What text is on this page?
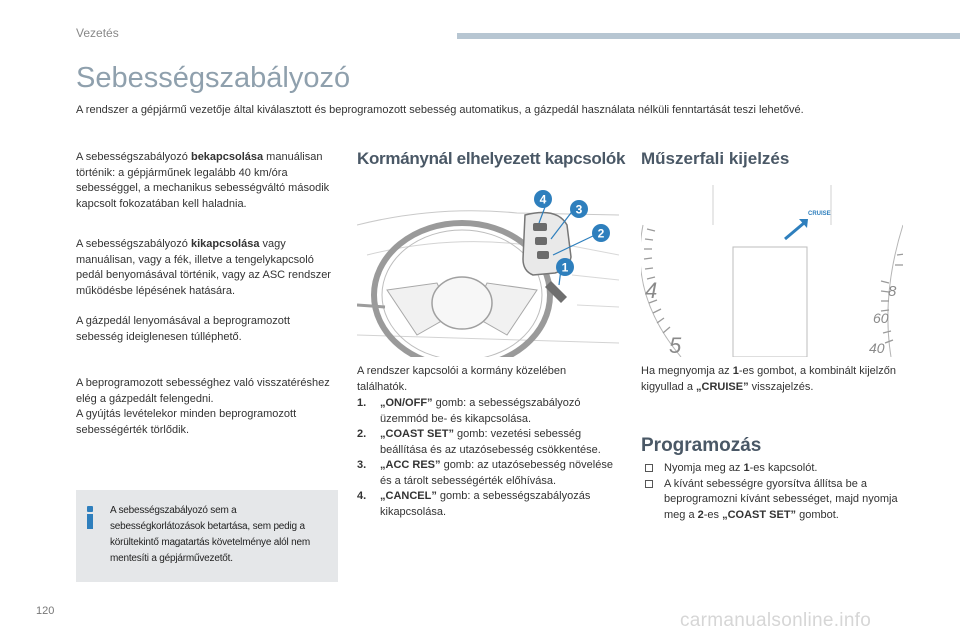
Vezetés
Sebességszabályozó
A rendszer a gépjármű vezetője által kiválasztott és beprogramozott sebesség automatikus, a gázpedál használata nélküli fenntartását teszi lehetővé.

A sebességszabályozó bekapcsolása manuálisan történik: a gépjárműnek legalább 40 km/óra sebességgel, a mechanikus sebességváltó második kapcsolt fokozatában kell haladnia.

A sebességszabályozó kikapcsolása vagy manuálisan, vagy a fék, illetve a tengelykapcsoló pedál benyomásával történik, vagy az ASC rendszer működésbe lépésének hatására.

A gázpedál lenyomásával a beprogramozott sebesség ideiglenesen túlléphető.

A beprogramozott sebességhez való visszatéréshez elég a gázpedált felengedni.
A gyújtás levételekor minden beprogramozott sebességérték törlődik.

A sebességszabályozó sem a sebességkorlátozások betartása, sem pedig a körültekintő magatartás követelménye alól nem mentesíti a gépjárművezetőt.
Kormánynál elhelyezett kapcsolók
4
3
2
1

A rendszer kapcsolói a kormány közelében találhatók.

1. „ON/OFF” gomb: a sebességszabályozó üzemmód be- és kikapcsolása.
2. „COAST SET” gomb: vezetési sebesség beállítása és az utazósebesség csökkentése.
3. „ACC RES” gomb: az utazósebesség növelése és a tárolt sebességérték előhívása.
4. „CANCEL” gomb: a sebességszabályozás kikapcsolása.
Műszerfali kijelzés
4
5
CRUISE
8
60
40

Ha megnyomja az 1-es gombot, a kombinált kijelzőn kigyullad a „CRUISE” visszajelzés.

Programozás
Nyomja meg az 1-es kapcsolót.
A kívánt sebességre gyorsítva állítsa be a beprogramozni kívánt sebességet, majd nyomja meg a 2-es „COAST SET” gombot.
120	carmanualsonline.info
